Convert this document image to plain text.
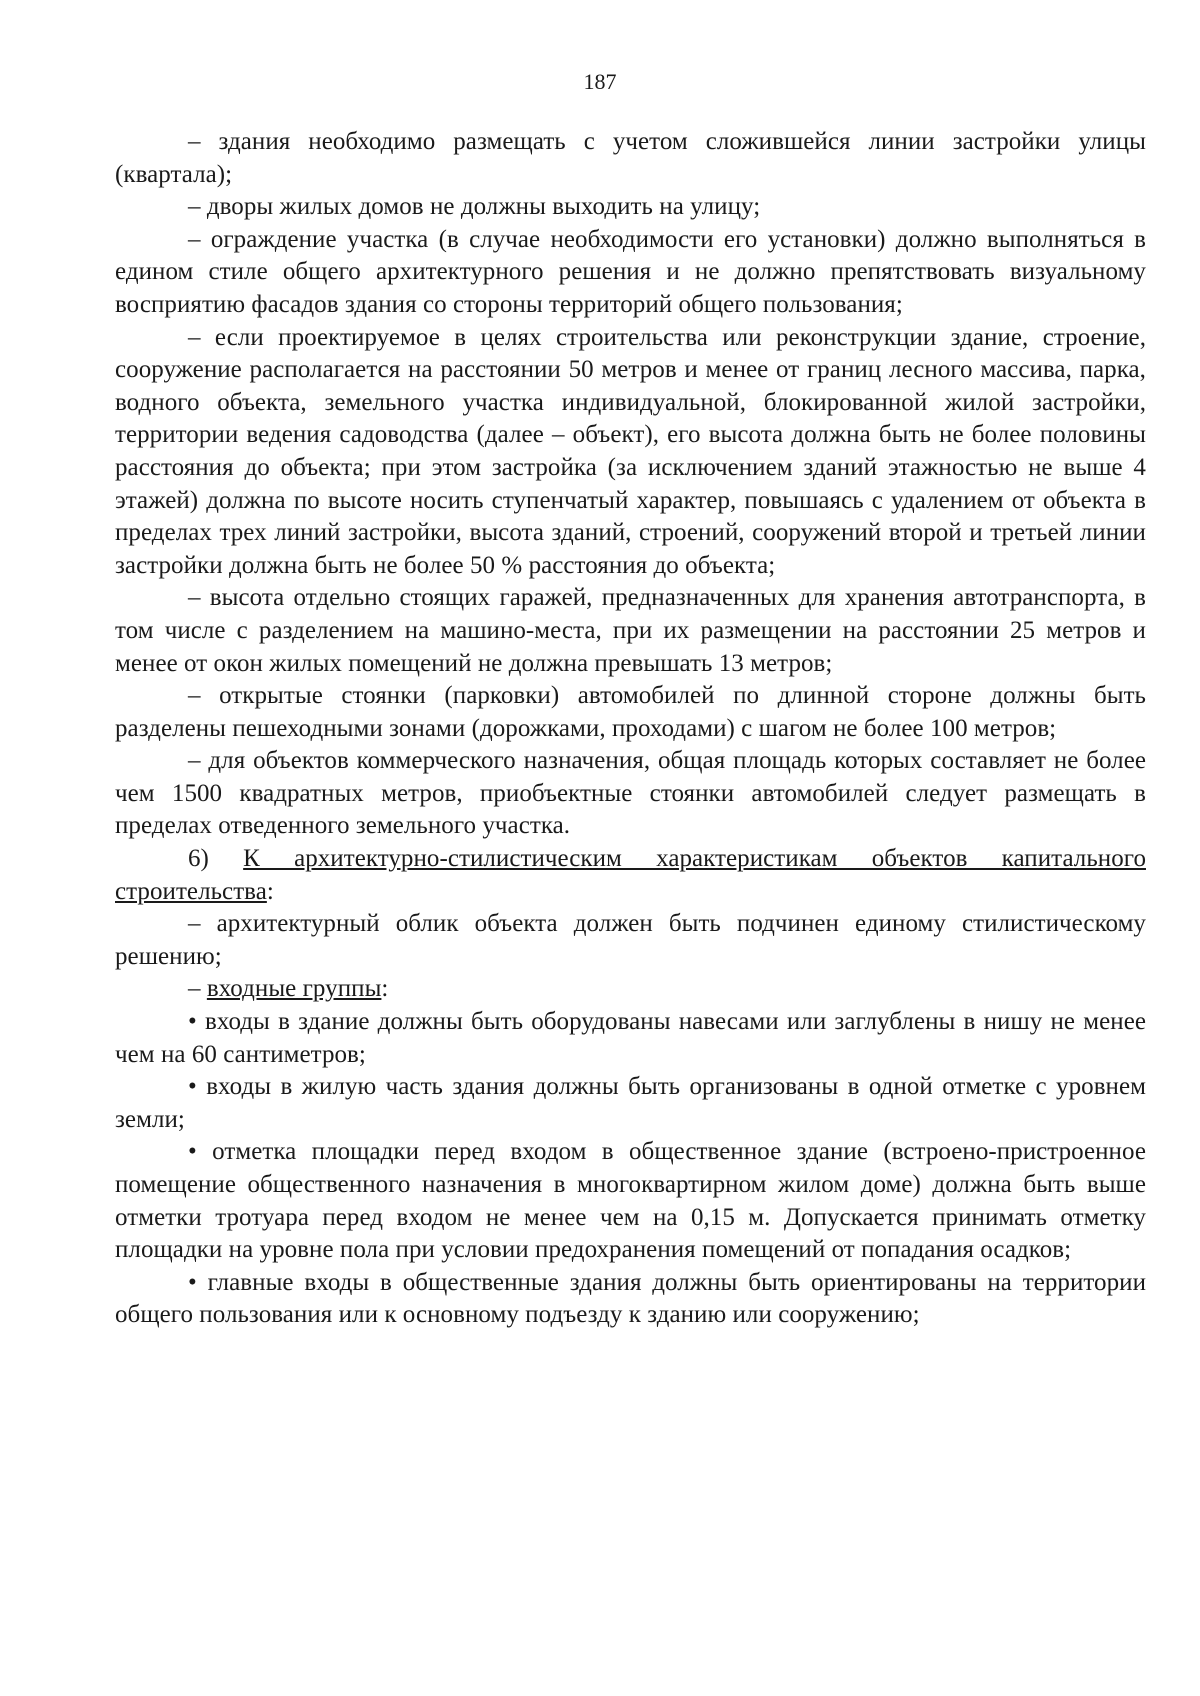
187

– здания необходимо размещать с учетом сложившейся линии застройки улицы (квартала);

– дворы жилых домов не должны выходить на улицу;

– ограждение участка (в случае необходимости его установки) должно выполняться в едином стиле общего архитектурного решения и не должно препятствовать визуальному восприятию фасадов здания со стороны территорий общего пользования;

– если проектируемое в целях строительства или реконструкции здание, строение, сооружение располагается на расстоянии 50 метров и менее от границ лесного массива, парка, водного объекта, земельного участка индивидуальной, блокированной жилой застройки, территории ведения садоводства (далее – объект), его высота должна быть не более половины расстояния до объекта; при этом застройка (за исключением зданий этажностью не выше 4 этажей) должна по высоте носить ступенчатый характер, повышаясь с удалением от объекта в пределах трех линий застройки, высота зданий, строений, сооружений второй и третьей линии застройки должна быть не более 50 % расстояния до объекта;

– высота отдельно стоящих гаражей, предназначенных для хранения автотранспорта, в том числе с разделением на машино-места, при их размещении на расстоянии 25 метров и менее от окон жилых помещений не должна превышать 13 метров;

– открытые стоянки (парковки) автомобилей по длинной стороне должны быть разделены пешеходными зонами (дорожками, проходами) с шагом не более 100 метров;

– для объектов коммерческого назначения, общая площадь которых составляет не более чем 1500 квадратных метров, приобъектные стоянки автомобилей следует размещать в пределах отведенного земельного участка.

6) К архитектурно-стилистическим характеристикам объектов капитального строительства:

– архитектурный облик объекта должен быть подчинен единому стилистическому решению;

– входные группы:

• входы в здание должны быть оборудованы навесами или заглублены в нишу не менее чем на 60 сантиметров;

• входы в жилую часть здания должны быть организованы в одной отметке с уровнем земли;

• отметка площадки перед входом в общественное здание (встроено-пристроенное помещение общественного назначения в многоквартирном жилом доме) должна быть выше отметки тротуара перед входом не менее чем на 0,15 м. Допускается принимать отметку площадки на уровне пола при условии предохранения помещений от попадания осадков;

• главные входы в общественные здания должны быть ориентированы на территории общего пользования или к основному подъезду к зданию или сооружению;
